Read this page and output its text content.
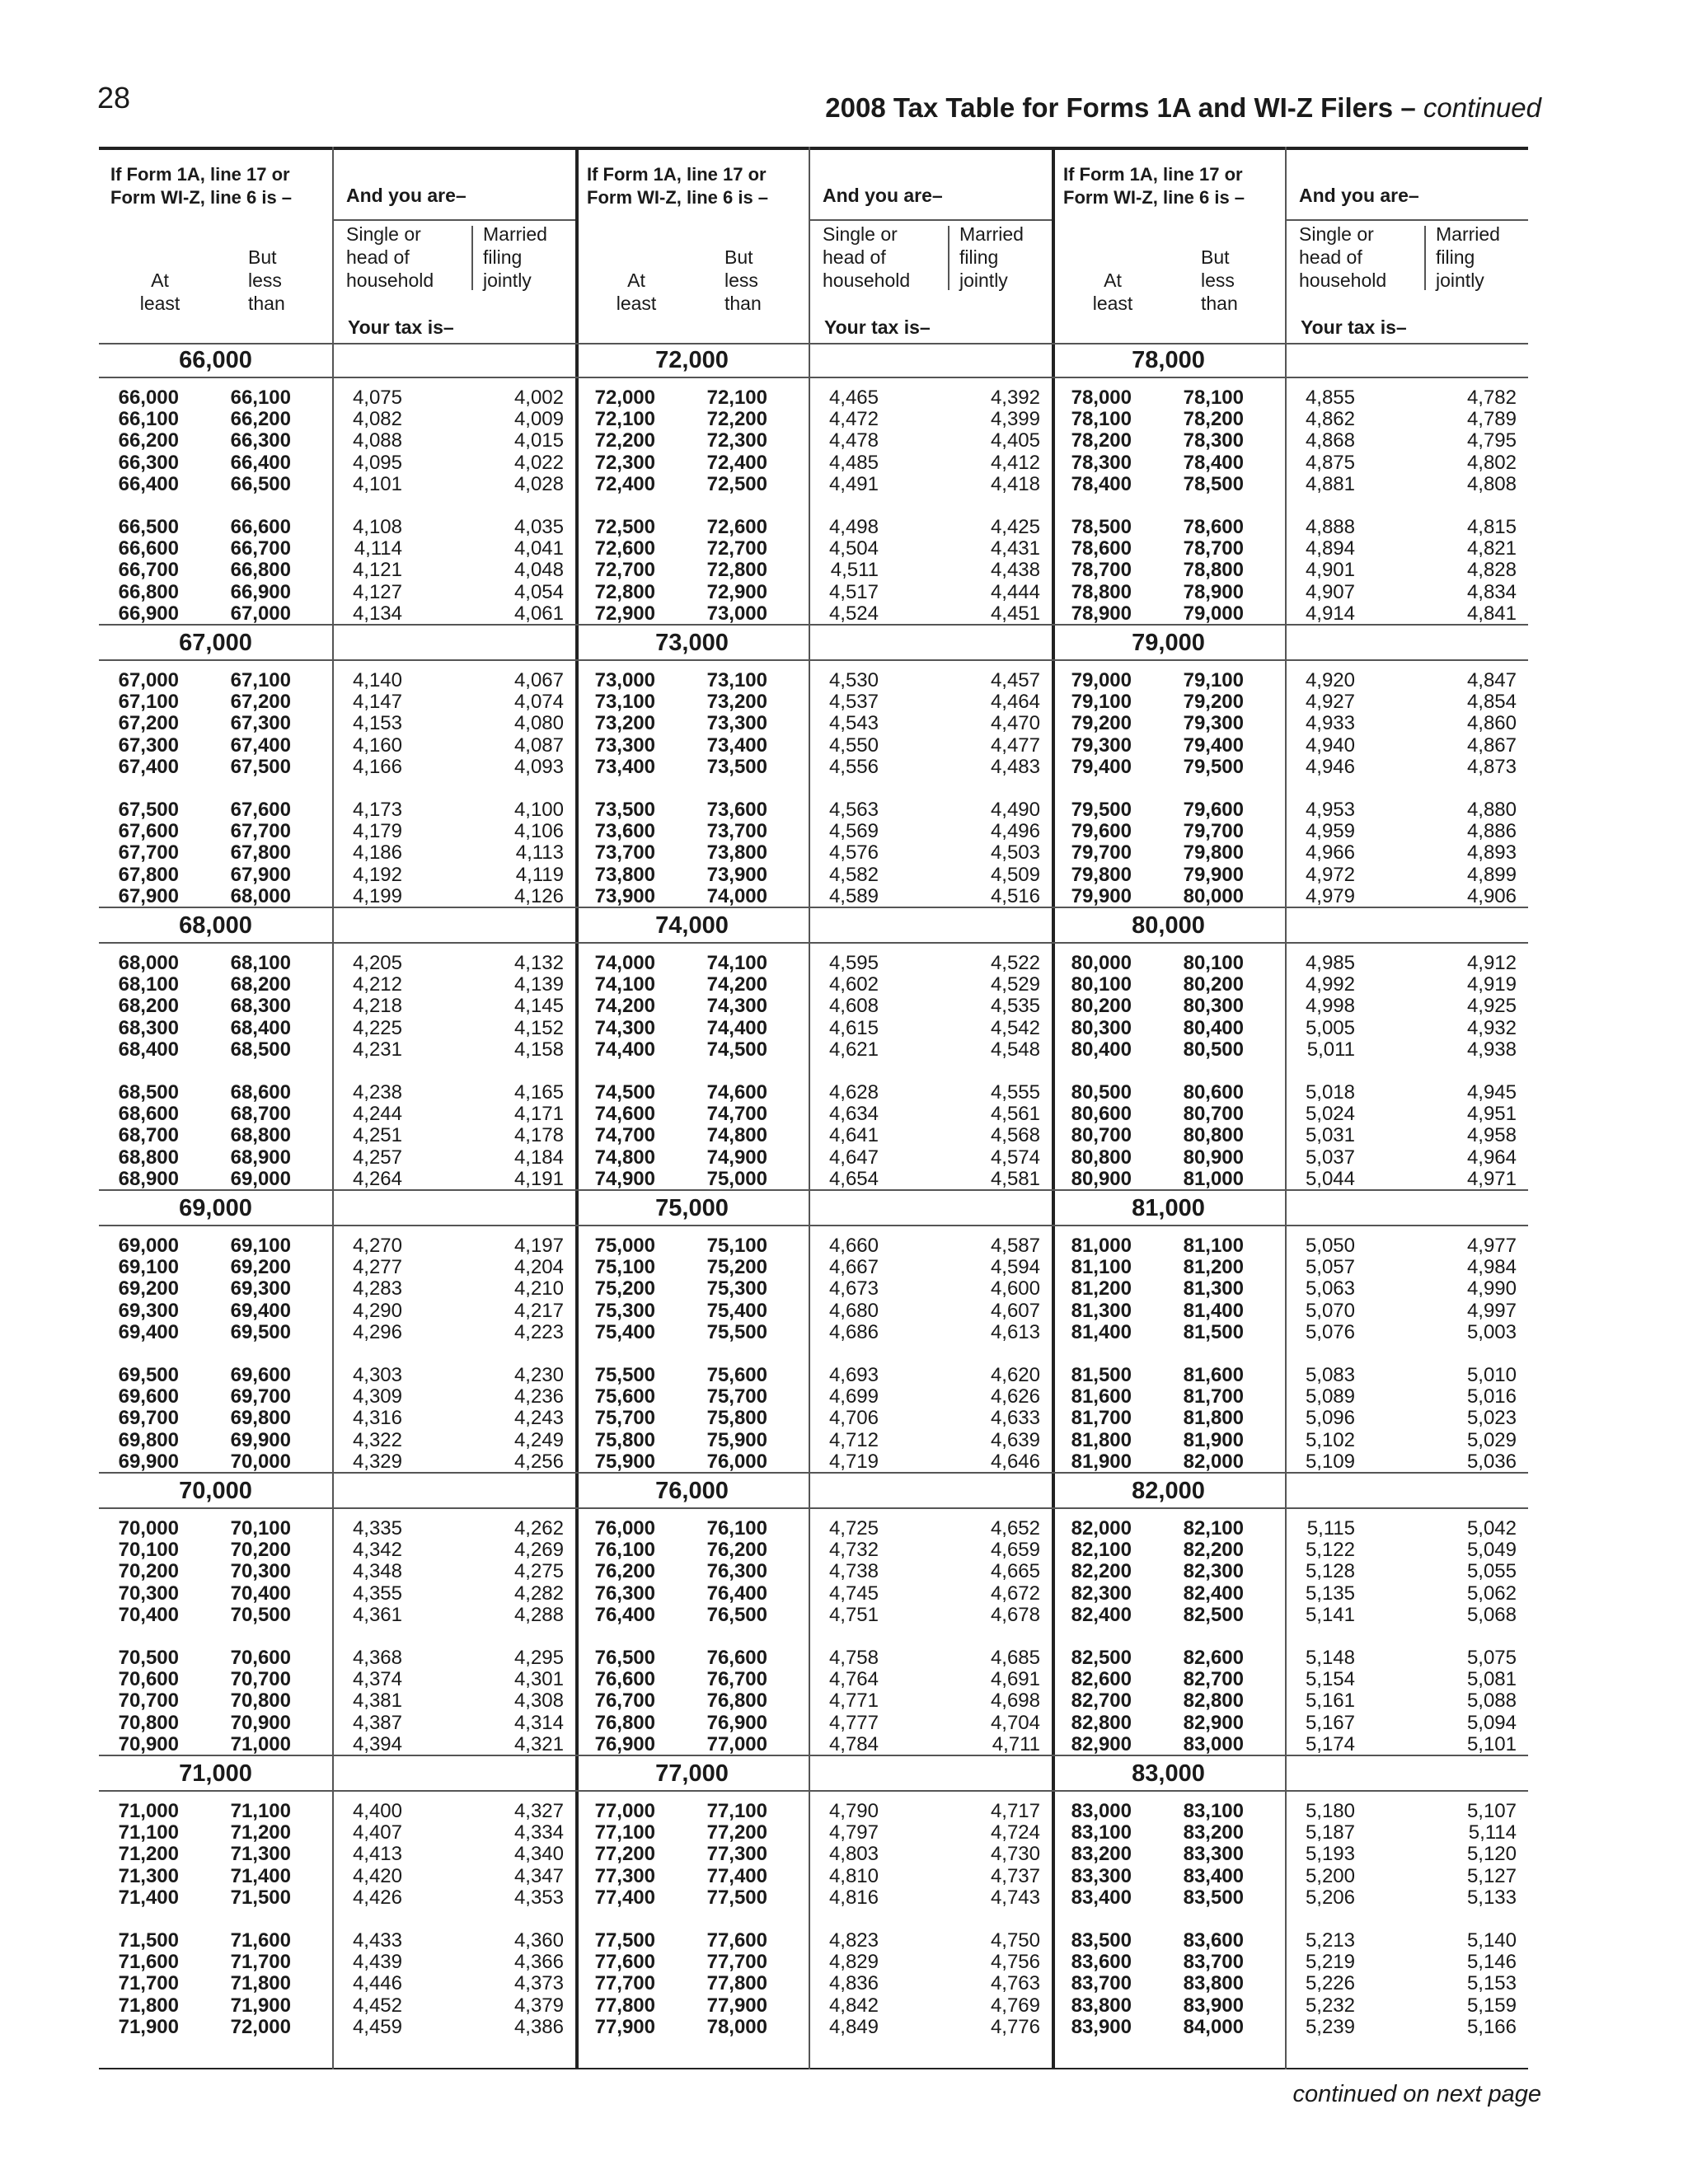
28	2008 Tax Table for Forms 1A and WI-Z Filers – continued
If Form 1A, line 17 or Form WI-Z, line 6 is –	And you are–
Single or
head of
household
Married
filing
jointly
At
least
But
less
than
Your tax is–
66,000
66,000	66,100	4,075	4,002
66,100	66,200	4,082	4,009
66,200	66,300	4,088	4,015
66,300	66,400	4,095	4,022
66,400	66,500	4,101	4,028
66,500	66,600	4,108	4,035
66,600	66,700	4,114	4,041
66,700	66,800	4,121	4,048
66,800	66,900	4,127	4,054
66,900	67,000	4,134	4,061
67,000
67,000	67,100	4,140	4,067
67,100	67,200	4,147	4,074
67,200	67,300	4,153	4,080
67,300	67,400	4,160	4,087
67,400	67,500	4,166	4,093
67,500	67,600	4,173	4,100
67,600	67,700	4,179	4,106
67,700	67,800	4,186	4,113
67,800	67,900	4,192	4,119
67,900	68,000	4,199	4,126
68,000
68,000	68,100	4,205	4,132
68,100	68,200	4,212	4,139
68,200	68,300	4,218	4,145
68,300	68,400	4,225	4,152
68,400	68,500	4,231	4,158
68,500	68,600	4,238	4,165
68,600	68,700	4,244	4,171
68,700	68,800	4,251	4,178
68,800	68,900	4,257	4,184
68,900	69,000	4,264	4,191
69,000
69,000	69,100	4,270	4,197
69,100	69,200	4,277	4,204
69,200	69,300	4,283	4,210
69,300	69,400	4,290	4,217
69,400	69,500	4,296	4,223
69,500	69,600	4,303	4,230
69,600	69,700	4,309	4,236
69,700	69,800	4,316	4,243
69,800	69,900	4,322	4,249
69,900	70,000	4,329	4,256
70,000
70,000	70,100	4,335	4,262
70,100	70,200	4,342	4,269
70,200	70,300	4,348	4,275
70,300	70,400	4,355	4,282
70,400	70,500	4,361	4,288
70,500	70,600	4,368	4,295
70,600	70,700	4,374	4,301
70,700	70,800	4,381	4,308
70,800	70,900	4,387	4,314
70,900	71,000	4,394	4,321
71,000
71,000	71,100	4,400	4,327
71,100	71,200	4,407	4,334
71,200	71,300	4,413	4,340
71,300	71,400	4,420	4,347
71,400	71,500	4,426	4,353
71,500	71,600	4,433	4,360
71,600	71,700	4,439	4,366
71,700	71,800	4,446	4,373
71,800	71,900	4,452	4,379
71,900	72,000	4,459	4,386
If Form 1A, line 17 or Form WI-Z, line 6 is –	And you are–
Single or
head of
household
Married
filing
jointly
At
least
But
less
than
Your tax is–
72,000
72,000	72,100	4,465	4,392
72,100	72,200	4,472	4,399
72,200	72,300	4,478	4,405
72,300	72,400	4,485	4,412
72,400	72,500	4,491	4,418
72,500	72,600	4,498	4,425
72,600	72,700	4,504	4,431
72,700	72,800	4,511	4,438
72,800	72,900	4,517	4,444
72,900	73,000	4,524	4,451
73,000
73,000	73,100	4,530	4,457
73,100	73,200	4,537	4,464
73,200	73,300	4,543	4,470
73,300	73,400	4,550	4,477
73,400	73,500	4,556	4,483
73,500	73,600	4,563	4,490
73,600	73,700	4,569	4,496
73,700	73,800	4,576	4,503
73,800	73,900	4,582	4,509
73,900	74,000	4,589	4,516
74,000
74,000	74,100	4,595	4,522
74,100	74,200	4,602	4,529
74,200	74,300	4,608	4,535
74,300	74,400	4,615	4,542
74,400	74,500	4,621	4,548
74,500	74,600	4,628	4,555
74,600	74,700	4,634	4,561
74,700	74,800	4,641	4,568
74,800	74,900	4,647	4,574
74,900	75,000	4,654	4,581
75,000
75,000	75,100	4,660	4,587
75,100	75,200	4,667	4,594
75,200	75,300	4,673	4,600
75,300	75,400	4,680	4,607
75,400	75,500	4,686	4,613
75,500	75,600	4,693	4,620
75,600	75,700	4,699	4,626
75,700	75,800	4,706	4,633
75,800	75,900	4,712	4,639
75,900	76,000	4,719	4,646
76,000
76,000	76,100	4,725	4,652
76,100	76,200	4,732	4,659
76,200	76,300	4,738	4,665
76,300	76,400	4,745	4,672
76,400	76,500	4,751	4,678
76,500	76,600	4,758	4,685
76,600	76,700	4,764	4,691
76,700	76,800	4,771	4,698
76,800	76,900	4,777	4,704
76,900	77,000	4,784	4,711
77,000
77,000	77,100	4,790	4,717
77,100	77,200	4,797	4,724
77,200	77,300	4,803	4,730
77,300	77,400	4,810	4,737
77,400	77,500	4,816	4,743
77,500	77,600	4,823	4,750
77,600	77,700	4,829	4,756
77,700	77,800	4,836	4,763
77,800	77,900	4,842	4,769
77,900	78,000	4,849	4,776
If Form 1A, line 17 or Form WI-Z, line 6 is –	And you are–
Single or
head of
household
Married
filing
jointly
At
least
But
less
than
Your tax is–
78,000
78,000	78,100	4,855	4,782
78,100	78,200	4,862	4,789
78,200	78,300	4,868	4,795
78,300	78,400	4,875	4,802
78,400	78,500	4,881	4,808
78,500	78,600	4,888	4,815
78,600	78,700	4,894	4,821
78,700	78,800	4,901	4,828
78,800	78,900	4,907	4,834
78,900	79,000	4,914	4,841
79,000
79,000	79,100	4,920	4,847
79,100	79,200	4,927	4,854
79,200	79,300	4,933	4,860
79,300	79,400	4,940	4,867
79,400	79,500	4,946	4,873
79,500	79,600	4,953	4,880
79,600	79,700	4,959	4,886
79,700	79,800	4,966	4,893
79,800	79,900	4,972	4,899
79,900	80,000	4,979	4,906
80,000
80,000	80,100	4,985	4,912
80,100	80,200	4,992	4,919
80,200	80,300	4,998	4,925
80,300	80,400	5,005	4,932
80,400	80,500	5,011	4,938
80,500	80,600	5,018	4,945
80,600	80,700	5,024	4,951
80,700	80,800	5,031	4,958
80,800	80,900	5,037	4,964
80,900	81,000	5,044	4,971
81,000
81,000	81,100	5,050	4,977
81,100	81,200	5,057	4,984
81,200	81,300	5,063	4,990
81,300	81,400	5,070	4,997
81,400	81,500	5,076	5,003
81,500	81,600	5,083	5,010
81,600	81,700	5,089	5,016
81,700	81,800	5,096	5,023
81,800	81,900	5,102	5,029
81,900	82,000	5,109	5,036
82,000
82,000	82,100	5,115	5,042
82,100	82,200	5,122	5,049
82,200	82,300	5,128	5,055
82,300	82,400	5,135	5,062
82,400	82,500	5,141	5,068
82,500	82,600	5,148	5,075
82,600	82,700	5,154	5,081
82,700	82,800	5,161	5,088
82,800	82,900	5,167	5,094
82,900	83,000	5,174	5,101
83,000
83,000	83,100	5,180	5,107
83,100	83,200	5,187	5,114
83,200	83,300	5,193	5,120
83,300	83,400	5,200	5,127
83,400	83,500	5,206	5,133
83,500	83,600	5,213	5,140
83,600	83,700	5,219	5,146
83,700	83,800	5,226	5,153
83,800	83,900	5,232	5,159
83,900	84,000	5,239	5,166
continued on next page
